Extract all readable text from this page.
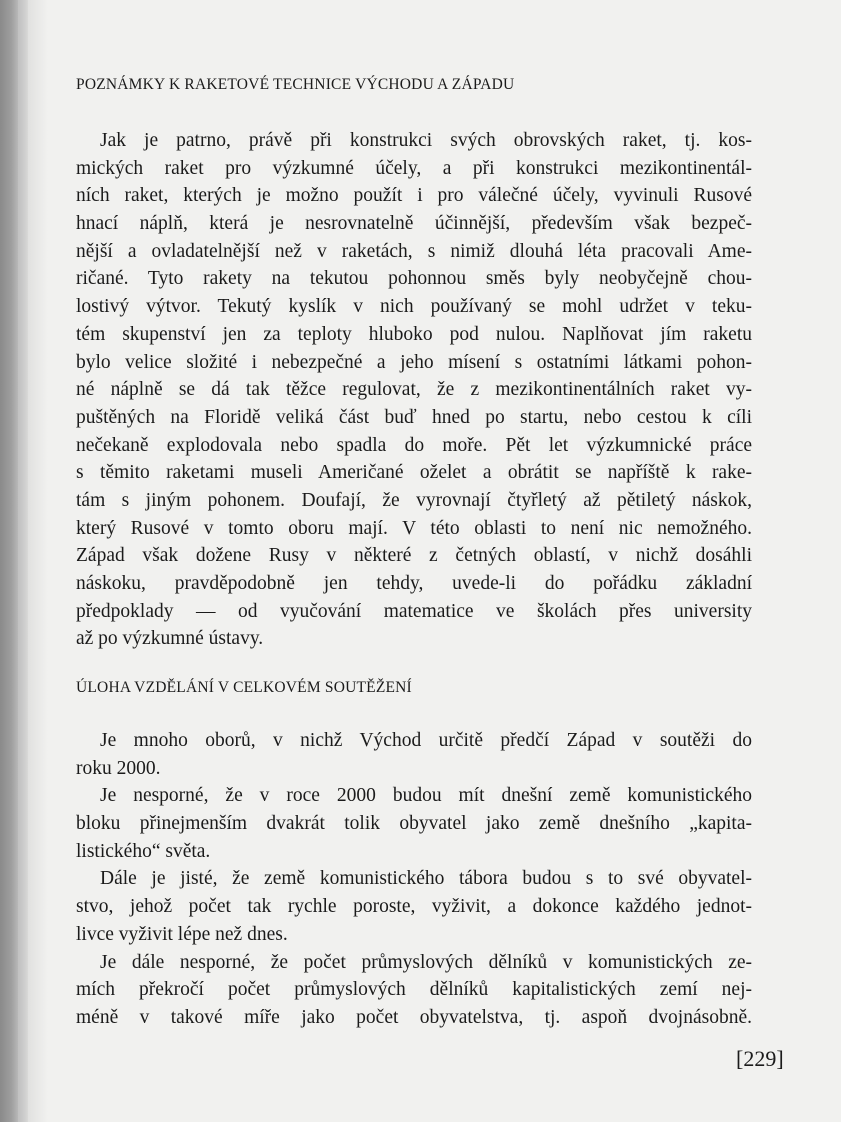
POZNÁMKY K RAKETOVÉ TECHNICE VÝCHODU A ZÁPADU
Jak je patrno, právě při konstrukci svých obrovských raket, tj. kos-
mických raket pro výzkumné účely, a při konstrukci mezikontinentál-
ních raket, kterých je možno použít i pro válečné účely, vyvinuli Rusové
hnací náplň, která je nesrovnatelně účinnější, především však bezpeč-
nější a ovladatelnější než v raketách, s nimiž dlouhá léta pracovali Ame-
ričané. Tyto rakety na tekutou pohonnou směs byly neobyčejně chou-
lostivý výtvor. Tekutý kyslík v nich používaný se mohl udržet v teku-
tém skupenství jen za teploty hluboko pod nulou. Naplňovat jím raketu
bylo velice složité i nebezpečné a jeho mísení s ostatními látkami pohon-
né náplně se dá tak těžce regulovat, že z mezikontinentálních raket vy-
puštěných na Floridě veliká část buď hned po startu, nebo cestou k cíli
nečekaně explodovala nebo spadla do moře. Pět let výzkumnické práce
s těmito raketami museli Američané oželet a obrátit se napříště k rake-
tám s jiným pohonem. Doufají, že vyrovnají čtyřletý až pětiletý náskok,
který Rusové v tomto oboru mají. V této oblasti to není nic nemožného.
Západ však dožene Rusy v některé z četných oblastí, v nichž dosáhli
náskoku, pravděpodobně jen tehdy, uvede-li do pořádku základní
předpoklady — od vyučování matematice ve školách přes university
až po výzkumné ústavy.
ÚLOHA VZDĚLÁNÍ V CELKOVÉM SOUTĚŽENÍ
Je mnoho oborů, v nichž Východ určitě předčí Západ v soutěži do
roku 2000.
Je nesporné, že v roce 2000 budou mít dnešní země komunistického
bloku přinejmenším dvakrát tolik obyvatel jako země dnešního „kapita-
listického“ světa.
Dále je jisté, že země komunistického tábora budou s to své obyvatel-
stvo, jehož počet tak rychle poroste, vyživit, a dokonce každého jednot-
livce vyživit lépe než dnes.
Je dále nesporné, že počet průmyslových dělníků v komunistických ze-
mích překročí počet průmyslových dělníků kapitalistických zemí nej-
méně v takové míře jako počet obyvatelstva, tj. aspoň dvojnásobně.
[229]
